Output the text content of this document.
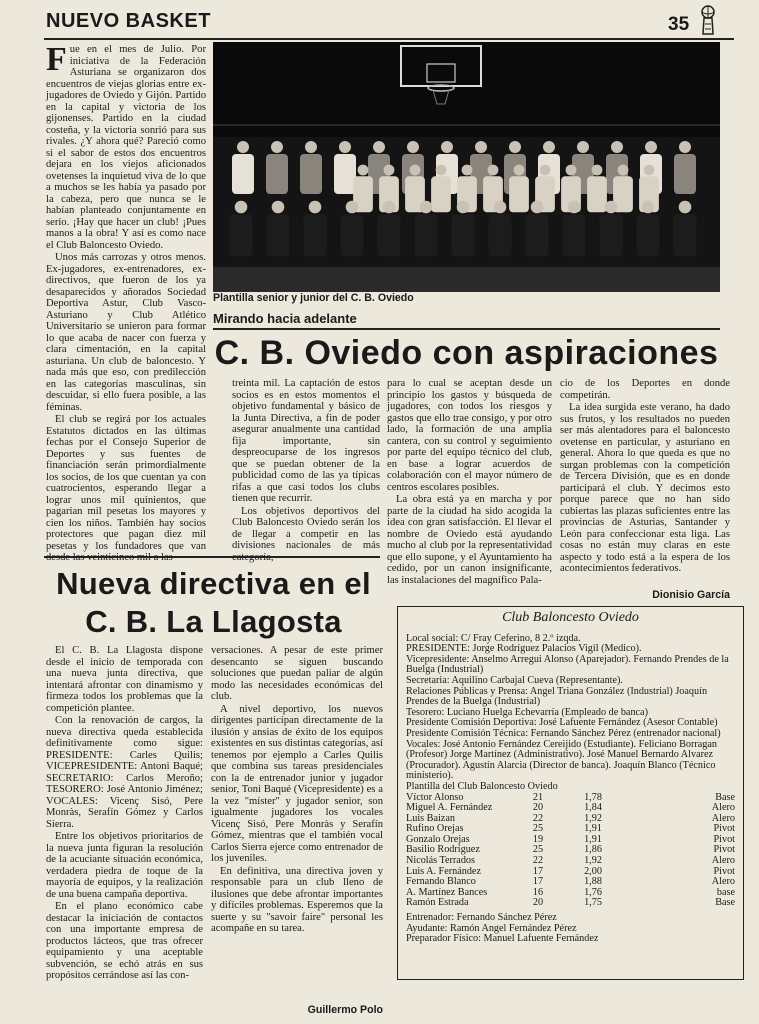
NUEVO BASKET	35

Fue en el mes de Julio. Por iniciativa de la Federación Asturiana se organizaron dos encuentros de viejas glorias entre ex-jugadores de Oviedo y Gijón. Partido en la capital y victoria de los gijonenses. Partido en la ciudad costeña, y la victoria sonrió para sus rivales. ¿Y ahora qué? Pareció como si el sabor de estos dos encuentros dejara en los viejos aficionados ovetenses la inquietud viva de lo que a muchos se les había ya pasado por la cabeza, pero que nunca se le habían planteado conjuntamente en serio. ¡Hay que hacer un club! ¡Pues manos a la obra! Y así es como nace el Club Baloncesto Oviedo.

Unos más carrozas y otros menos. Ex-jugadores, ex-entrenadores, ex-directivos, que fueron de los ya desaparecidos y añorados Sociedad Deportiva Astur, Club Vasco-Asturiano y Club Atlético Universitario se unieron para formar lo que acaba de nacer con fuerza y clara cimentación, en la capital asturiana. Un club de baloncesto. Y nada más que eso, con predilección en las categorías masculinas, sin descuidar, si ello fuera posible, a las féminas.

El club se regirá por los actuales Estatutos dictados en las últimas fechas por el Consejo Superior de Deportes y sus fuentes de financiación serán primordialmente los socios, de los que cuentan ya con cuatrocientos, esperando llegar a lograr unos mil quinientos, que pagarían mil pesetas los mayores y cien los niños. También hay socios protectores que pagan diez mil pesetas y los fundadores que van

Plantilla senior y junior del C. B. Oviedo
Mirando hacia adelante
C. B. Oviedo con aspiraciones

treinta mil. La captación de estos socios es en estos momentos el objetivo fundamental y básico de la Junta Directiva, a fin de poder asegurar anualmente una cantidad fija importante, sin despreocuparse de los ingresos que se puedan obtener de la publicidad como de las ya típicas rifas a que casi todos los clubs tienen que recurrir.

Los objetivos deportivos del Club Baloncesto Oviedo serán los de llegar a competir en las divisiones nacionales de más

para lo cual se aceptan desde un principio los gastos y búsqueda de jugadores, con todos los riesgos y gastos que ello trae consigo, y por otro lado, la formación de una amplia cantera, con su control y seguimiento por parte del equipo técnico del club, en base a lograr acuerdos de colaboración con el mayor número de centros escolares posibles.

La obra está ya en marcha y por parte de la ciudad ha sido acogida la idea con gran satisfacción. El llevar el nombre de Oviedo está ayudando mucho al club por la representatividad que ello supone, y el Ayuntamiento ha cedido, por un canon insignificante, las instalaciones del magnífico Pala-

cio de los Deportes en donde competirán.

La idea surgida este verano, ha dado sus frutos, y los resultados no pueden ser más alentadores para el baloncesto ovetense en particular, y asturiano en general. Ahora lo que queda es que no surgan problemas con la competición de Tercera División, que es en donde participará el club. Y decimos esto porque parece que no han sido cubiertas las plazas suficientes entre las provincias de Asturias, Santander y León para confeccionar esta liga. Las cosas no están muy claras en este aspecto y todo está a la espera de los acontecimientos federativos.

Dionisio García
Nueva directiva en el
C. B. La Llagosta

El C. B. La Llagosta dispone desde el inicio de temporada con una nueva junta directiva, que intentará afrontar con dinamismo y firmeza todos los problemas que la competición plantee.

Con la renovación de cargos, la nueva directiva queda establecida definitivamente como sigue: PRESIDENTE: Carles Quilis; VICEPRESIDENTE: Antoni Baqué; SECRETARIO: Carlos Meroño; TESORERO: José Antonio Jiménez; VOCALES: Vicenç Sisó, Pere Monràs, Serafín Gómez y Carlos Sierra.

Entre los objetivos prioritarios de la nueva junta figuran la resolución de la acuciante situación económica, verdadera piedra de toque de la mayoría de equipos, y la realización de una buena campaña deportiva.

En el plano económico cabe destacar la iniciación de contactos con una importante empresa de productos lácteos, que tras ofrecer equipamiento y una aceptable subvención, se echó atrás en sus propósitos cerrándose así las con-

versaciones. A pesar de este primer desencanto se siguen buscando soluciones que puedan paliar de algún modo las necesidades económicas del club.

A nivel deportivo, los nuevos dirigentes participan directamente de la ilusión y ansias de éxito de los equipos existentes en sus distintas categorías, así tenemos por ejemplo a Carles Quilis que combina sus tareas presidenciales con la de entrenador junior y jugador senior, Toni Baqué (Vicepresidente) es a la vez "míster" y jugador senior, son igualmente jugadores los vocales Vicenç Sisó, Pere Monràs y Serafín Gómez, mientras que el también vocal Carlos Sierra ejerce como entrenador de los juveniles.

En definitiva, una directiva joven y responsable para un club lleno de ilusiones que debe afrontar importantes y difíciles problemas. Esperemos que la suerte y su "savoir faire" personal les acompañe en su tarea.

Guillermo Polo
Club Baloncesto Oviedo

Local social: C/ Fray Ceferino, 8 2.º izqda.

PRESIDENTE: Jorge Rodríguez Palacios Vigil (Medico).

Vicepresidente: Anselmo Arregui Alonso (Aparejador). Fernando Prendes de la Buelga (Industrial)

Secretaria: Aquilino Carbajal Cueva (Representante).

Relaciones Públicas y Prensa: Angel Triana González (Industrial) Joaquín Prendes de la Buelga (Industrial)

Tesorero: Luciano Huelga Echevarría (Empleado de banca)

Presidente Comisión Deportiva: José Lafuente Fernández (Asesor Contable)

Presidente Comisión Técnica: Fernando Sánchez Pérez (entrenador nacional)

Vocales: José Antonio Fernández Cereijido (Estudiante). Feliciano Borragan (Profesor) Jorge Martínez (Administrativo). José Manuel Bernardo Alvarez (Procurador). Agustín Alarcia (Director de banca). Joaquín Blanco (Técnico ministerio).

Plantilla del Club Baloncesto Oviedo

Víctor Alonso	21	1,78	Base
Miguel A. Fernández	20	1,84	Alero
Luis Baizan	22	1,92	Alero
Rufino Orejas	25	1,91	Pivot
Gonzalo Orejas	19	1,91	Pivot
Basilio Rodríguez	25	1,86	Pivot
Nicolás Terrados	22	1,92	Alero
Luis A. Fernández	17	2,00	Pivot
Fernando Blanco	17	1,88	Alero
A. Martínez Bances	16	1,76	base
Ramón Estrada	20	1,75	Base

Entrenador: Fernando Sánchez Pérez

Ayudante: Ramón Angel Fernández Pérez

Preparador Físico: Manuel Lafuente Fernández
